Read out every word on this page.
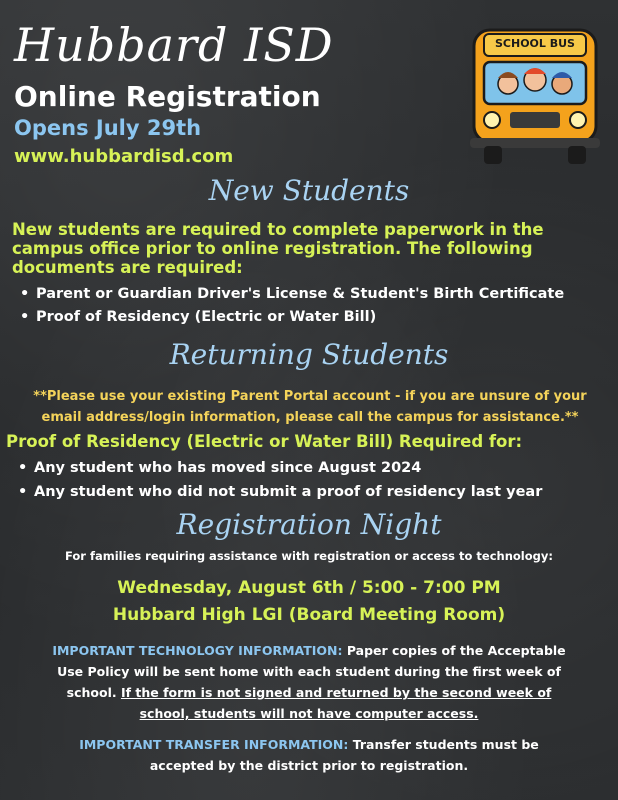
Hubbard ISD
Online Registration
Opens July 29th
www.hubbardisd.com
SCHOOL BUS
New Students
New students are required to complete paperwork in the campus office prior to online registration. The following documents are required:
• Parent or Guardian Driver's License & Student's Birth Certificate
• Proof of Residency (Electric or Water Bill)
Returning Students
**Please use your existing Parent Portal account - if you are unsure of your email address/login information, please call the campus for assistance.**
Proof of Residency (Electric or Water Bill) Required for:
• Any student who has moved since August 2024
• Any student who did not submit a proof of residency last year
Registration Night
For families requiring assistance with registration or access to technology:
Wednesday, August 6th / 5:00 - 7:00 PM
Hubbard High LGI (Board Meeting Room)
IMPORTANT TECHNOLOGY INFORMATION: Paper copies of the Acceptable Use Policy will be sent home with each student during the first week of school. If the form is not signed and returned by the second week of school, students will not have computer access.
IMPORTANT TRANSFER INFORMATION: Transfer students must be accepted by the district prior to registration.
